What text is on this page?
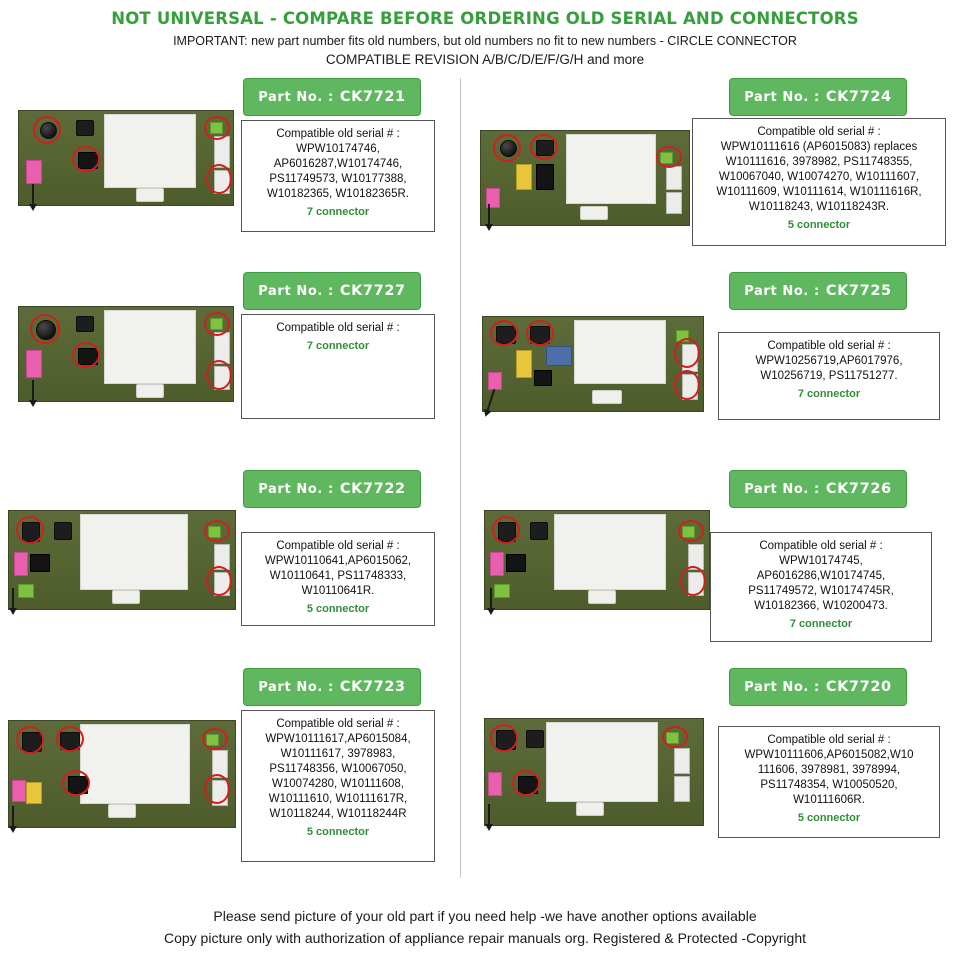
NOT UNIVERSAL - COMPARE BEFORE ORDERING OLD SERIAL AND CONNECTORS
IMPORTANT: new part number fits old numbers, but old numbers no fit to new numbers - CIRCLE CONNECTOR
COMPATIBLE REVISION A/B/C/D/E/F/G/H and more
Part No. : CK7721
Compatible old serial # :
WPW10174746,
AP6016287,W10174746,
PS11749573, W10177388,
W10182365, W10182365R.
7 connector
Part No. : CK7724
Compatible old serial # :
WPW10111616 (AP6015083) replaces
W10111616, 3978982, PS11748355,
W10067040, W10074270, W10111607,
W10111609, W10111614, W10111616R,
W10118243, W10118243R.
5 connector
Part No. : CK7727
Compatible old serial # :
7 connector
Part No. : CK7725
Compatible old serial # :
WPW10256719,AP6017976,
W10256719, PS11751277.
7 connector
Part No. : CK7722
Compatible old serial # :
WPW10110641,AP6015062,
W10110641, PS11748333,
W10110641R.
5 connector
Part No. : CK7726
Compatible old serial # :
WPW10174745,
AP6016286,W10174745,
PS11749572, W10174745R,
W10182366, W10200473.
7 connector
Part No. : CK7723
Compatible old serial # :
WPW10111617,AP6015084,
W10111617, 3978983,
PS11748356, W10067050,
W10074280, W10111608,
W10111610, W10111617R,
W10118244, W10118244R
5 connector
Part No. : CK7720
Compatible old serial # :
WPW10111606,AP6015082,W10
111606, 3978981, 3978994,
PS11748354, W10050520,
W10111606R.
5 connector
Please send picture of your old part if you need help -we have another options available
Copy picture only with authorization of appliance repair manuals org. Registered & Protected -Copyright
